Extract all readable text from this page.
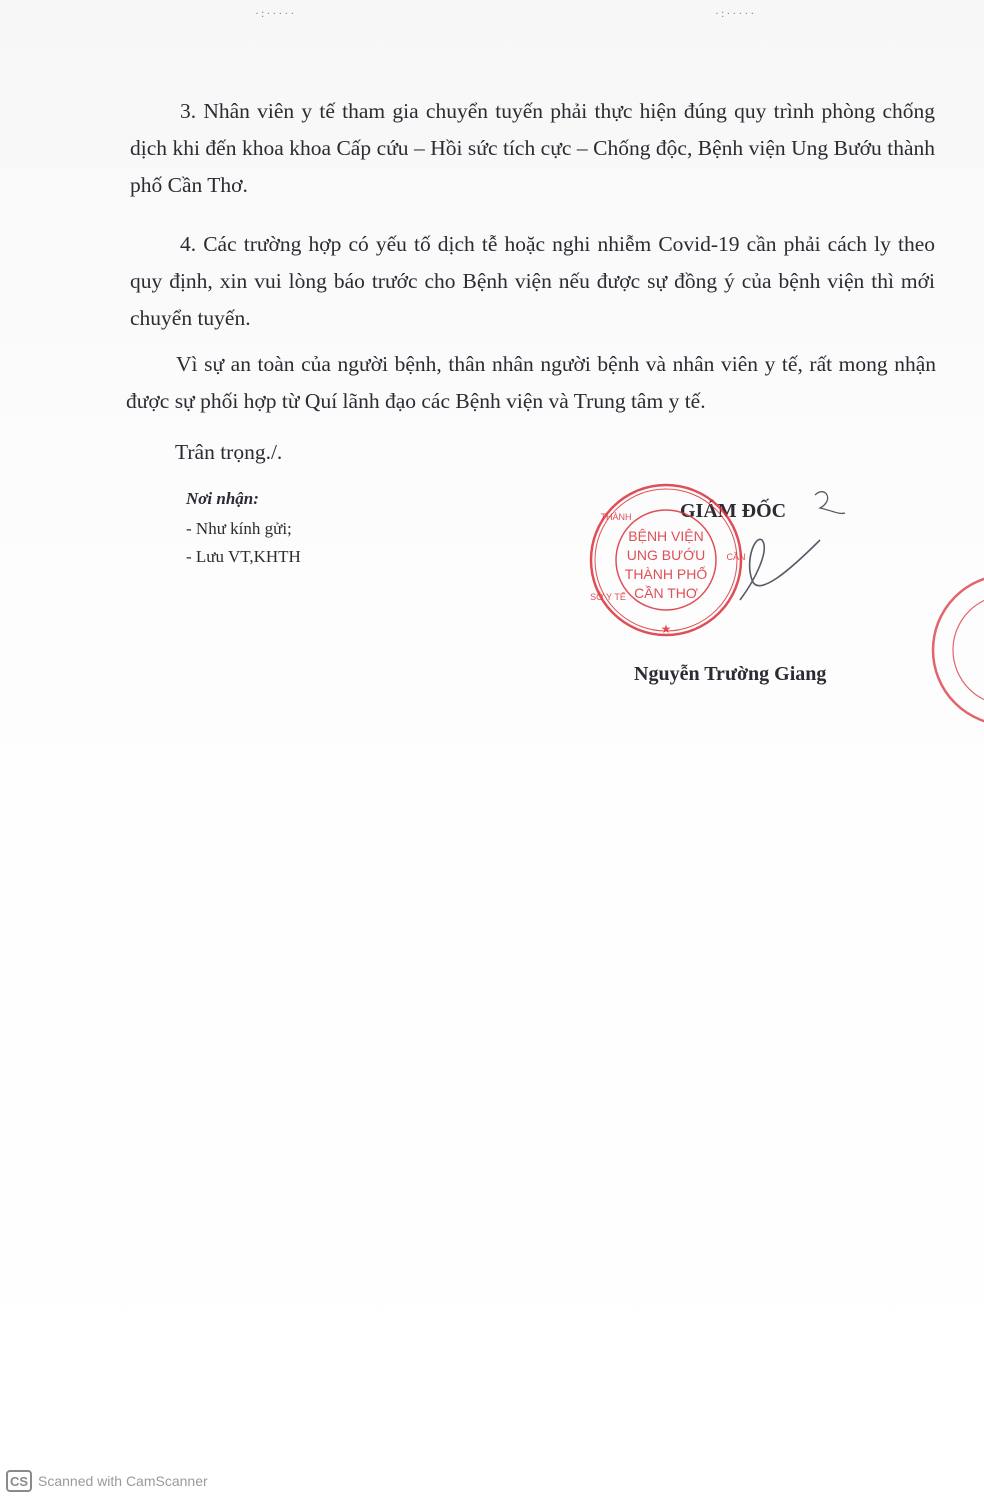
·:·····	·:·····

3. Nhân viên y tế tham gia chuyển tuyến phải thực hiện đúng quy trình phòng chống dịch khi đến khoa khoa Cấp cứu – Hồi sức tích cực – Chống độc, Bệnh viện Ung Bướu thành phố Cần Thơ.

4. Các trường hợp có yếu tố dịch tễ hoặc nghi nhiễm Covid-19 cần phải cách ly theo quy định, xin vui lòng báo trước cho Bệnh viện nếu được sự đồng ý của bệnh viện thì mới chuyển tuyến.

Vì sự an toàn của người bệnh, thân nhân người bệnh và nhân viên y tế, rất mong nhận được sự phối hợp từ Quí lãnh đạo các Bệnh viện và Trung tâm y tế.

Trân trọng./.

Nơi nhận:

- Như kính gửi;
- Lưu VT,KHTH
GIÁM ĐỐC
BỆNH VIỆN
UNG BƯỚU
THÀNH PHỐ
CẦN THƠ
★
THÀNH
CẦN
SỞ Y TẾ
Nguyễn Trường Giang
CS Scanned with CamScanner
